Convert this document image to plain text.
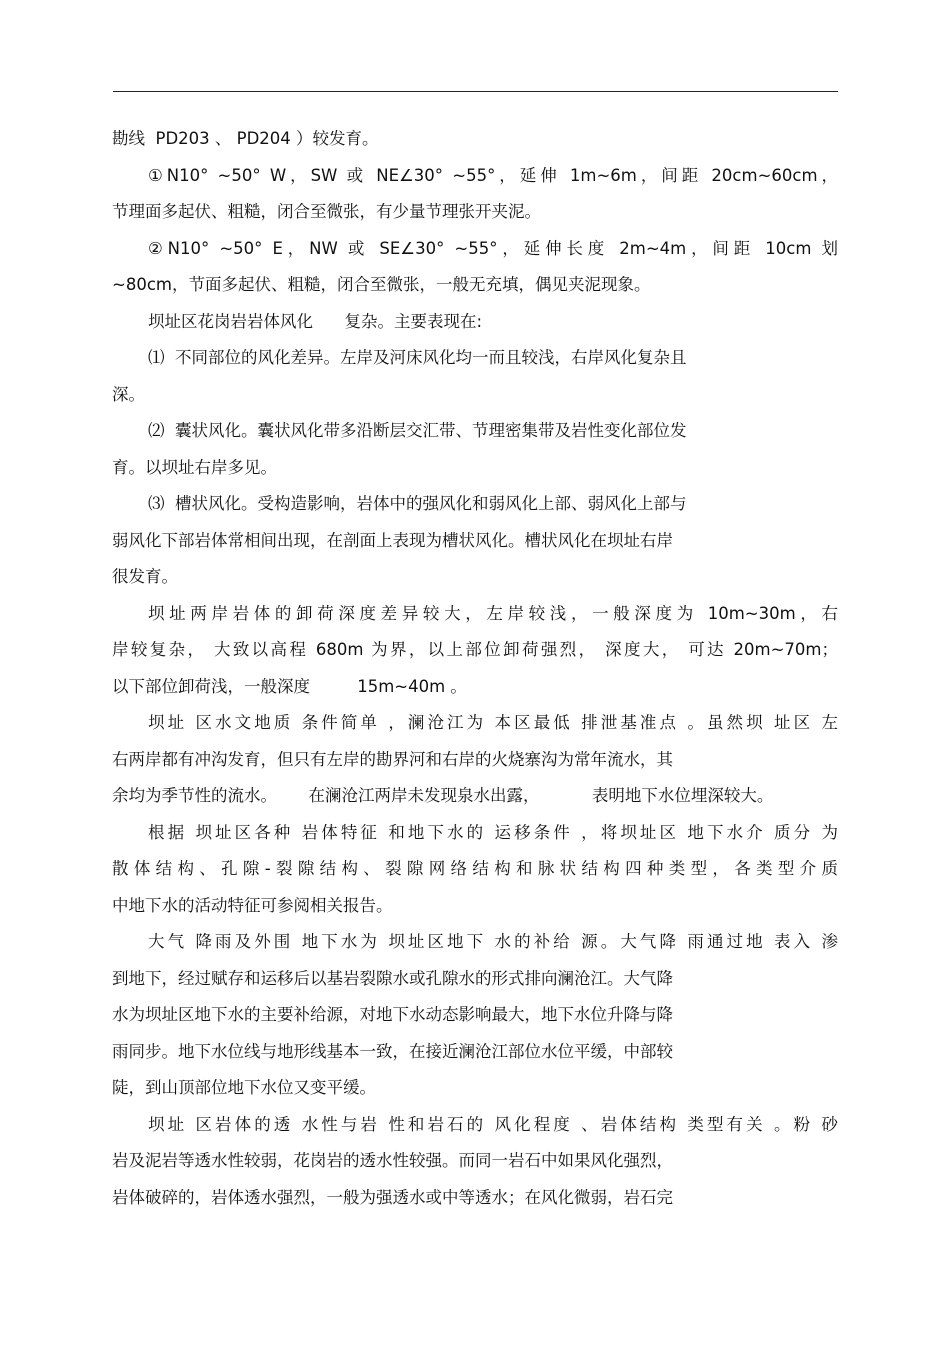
勘线  PD203 、 PD204 ）较发育。
①N10° ~50° W，SW 或 NE∠30° ~55°，延伸 1m~6m，间距 20cm~60cm，
节理面多起伏、粗糙，闭合至微张，有少量节理张开夹泥。
②N10° ~50° E，NW 或 SE∠30° ~55°，延伸长度 2m~4m，间距 10cm 划
~80cm，节面多起伏、粗糙，闭合至微张，一般无充填，偶见夹泥现象。
坝址区花岗岩岩体风化      复杂。主要表现在:
⑴  不同部位的风化差异。左岸及河床风化均一而且较浅，右岸风化复杂且
深。
⑵  囊状风化。囊状风化带多沿断层交汇带、节理密集带及岩性变化部位发
育。以坝址右岸多见。
⑶  槽状风化。受构造影响，岩体中的强风化和弱风化上部、弱风化上部与
弱风化下部岩体常相间出现，在剖面上表现为槽状风化。槽状风化在坝址右岸
很发育。
坝址两岸岩体的卸荷深度差异较大，左岸较浅，一般深度为 10m~30m，右
岸较复杂， 大致以高程 680m 为界，以上部位卸荷强烈， 深度大， 可达 20m~70m；
以下部位卸荷浅，一般深度         15m~40m 。
坝址 区水文地质 条件简单 ，澜沧江为 本区最低 排泄基准点 。虽然坝 址区 左
右两岸都有冲沟发育，但只有左岸的勘界河和右岸的火烧寨沟为常年流水，其
余均为季节性的流水。      在澜沧江两岸未发现泉水出露，          表明地下水位埋深较大。
根据 坝址区各种 岩体特征 和地下水的 运移条件 ，将坝址区 地下水介 质分 为
散体结构、孔隙-裂隙结构、裂隙网络结构和脉状结构四种类型，各类型介质
中地下水的活动特征可参阅相关报告。
大气 降雨及外围 地下水为 坝址区地下 水的补给 源。大气降 雨通过地 表入 渗
到地下，经过赋存和运移后以基岩裂隙水或孔隙水的形式排向澜沧江。大气降
水为坝址区地下水的主要补给源，对地下水动态影响最大，地下水位升降与降
雨同步。地下水位线与地形线基本一致，在接近澜沧江部位水位平缓，中部较
陡，到山顶部位地下水位又变平缓。
坝址 区岩体的透 水性与岩 性和岩石的 风化程度 、岩体结构 类型有关 。粉 砂
岩及泥岩等透水性较弱，花岗岩的透水性较强。而同一岩石中如果风化强烈，
岩体破碎的，岩体透水强烈，一般为强透水或中等透水；在风化微弱，岩石完
